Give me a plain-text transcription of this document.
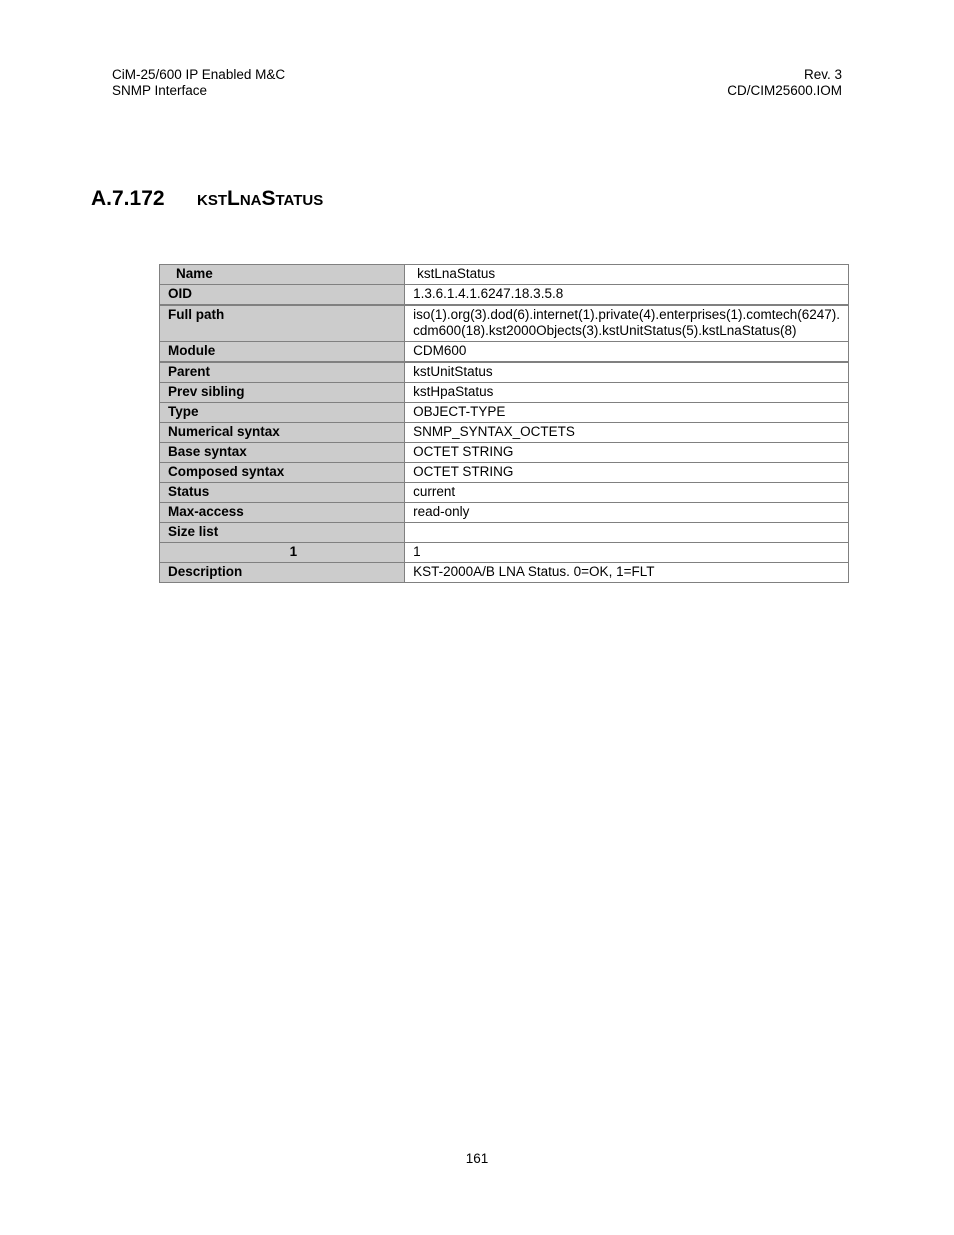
CiM-25/600 IP Enabled M&C
SNMP Interface
Rev. 3
CD/CIM25600.IOM
A.7.172 kstLnaStatus
Name	kstLnaStatus
OID	1.3.6.1.4.1.6247.18.3.5.8
Full path	iso(1).org(3).dod(6).internet(1).private(4).enterprises(1).comtech(6247).
cdm600(18).kst2000Objects(3).kstUnitStatus(5).kstLnaStatus(8)

Module	CDM600
Parent	kstUnitStatus
Prev sibling	kstHpaStatus
Type	OBJECT-TYPE
Numerical syntax	SNMP_SYNTAX_OCTETS
Base syntax	OCTET STRING
Composed syntax	OCTET STRING
Status	current
Max-access	read-only
Size list	
1	1
Description	KST-2000A/B LNA Status. 0=OK, 1=FLT
161
